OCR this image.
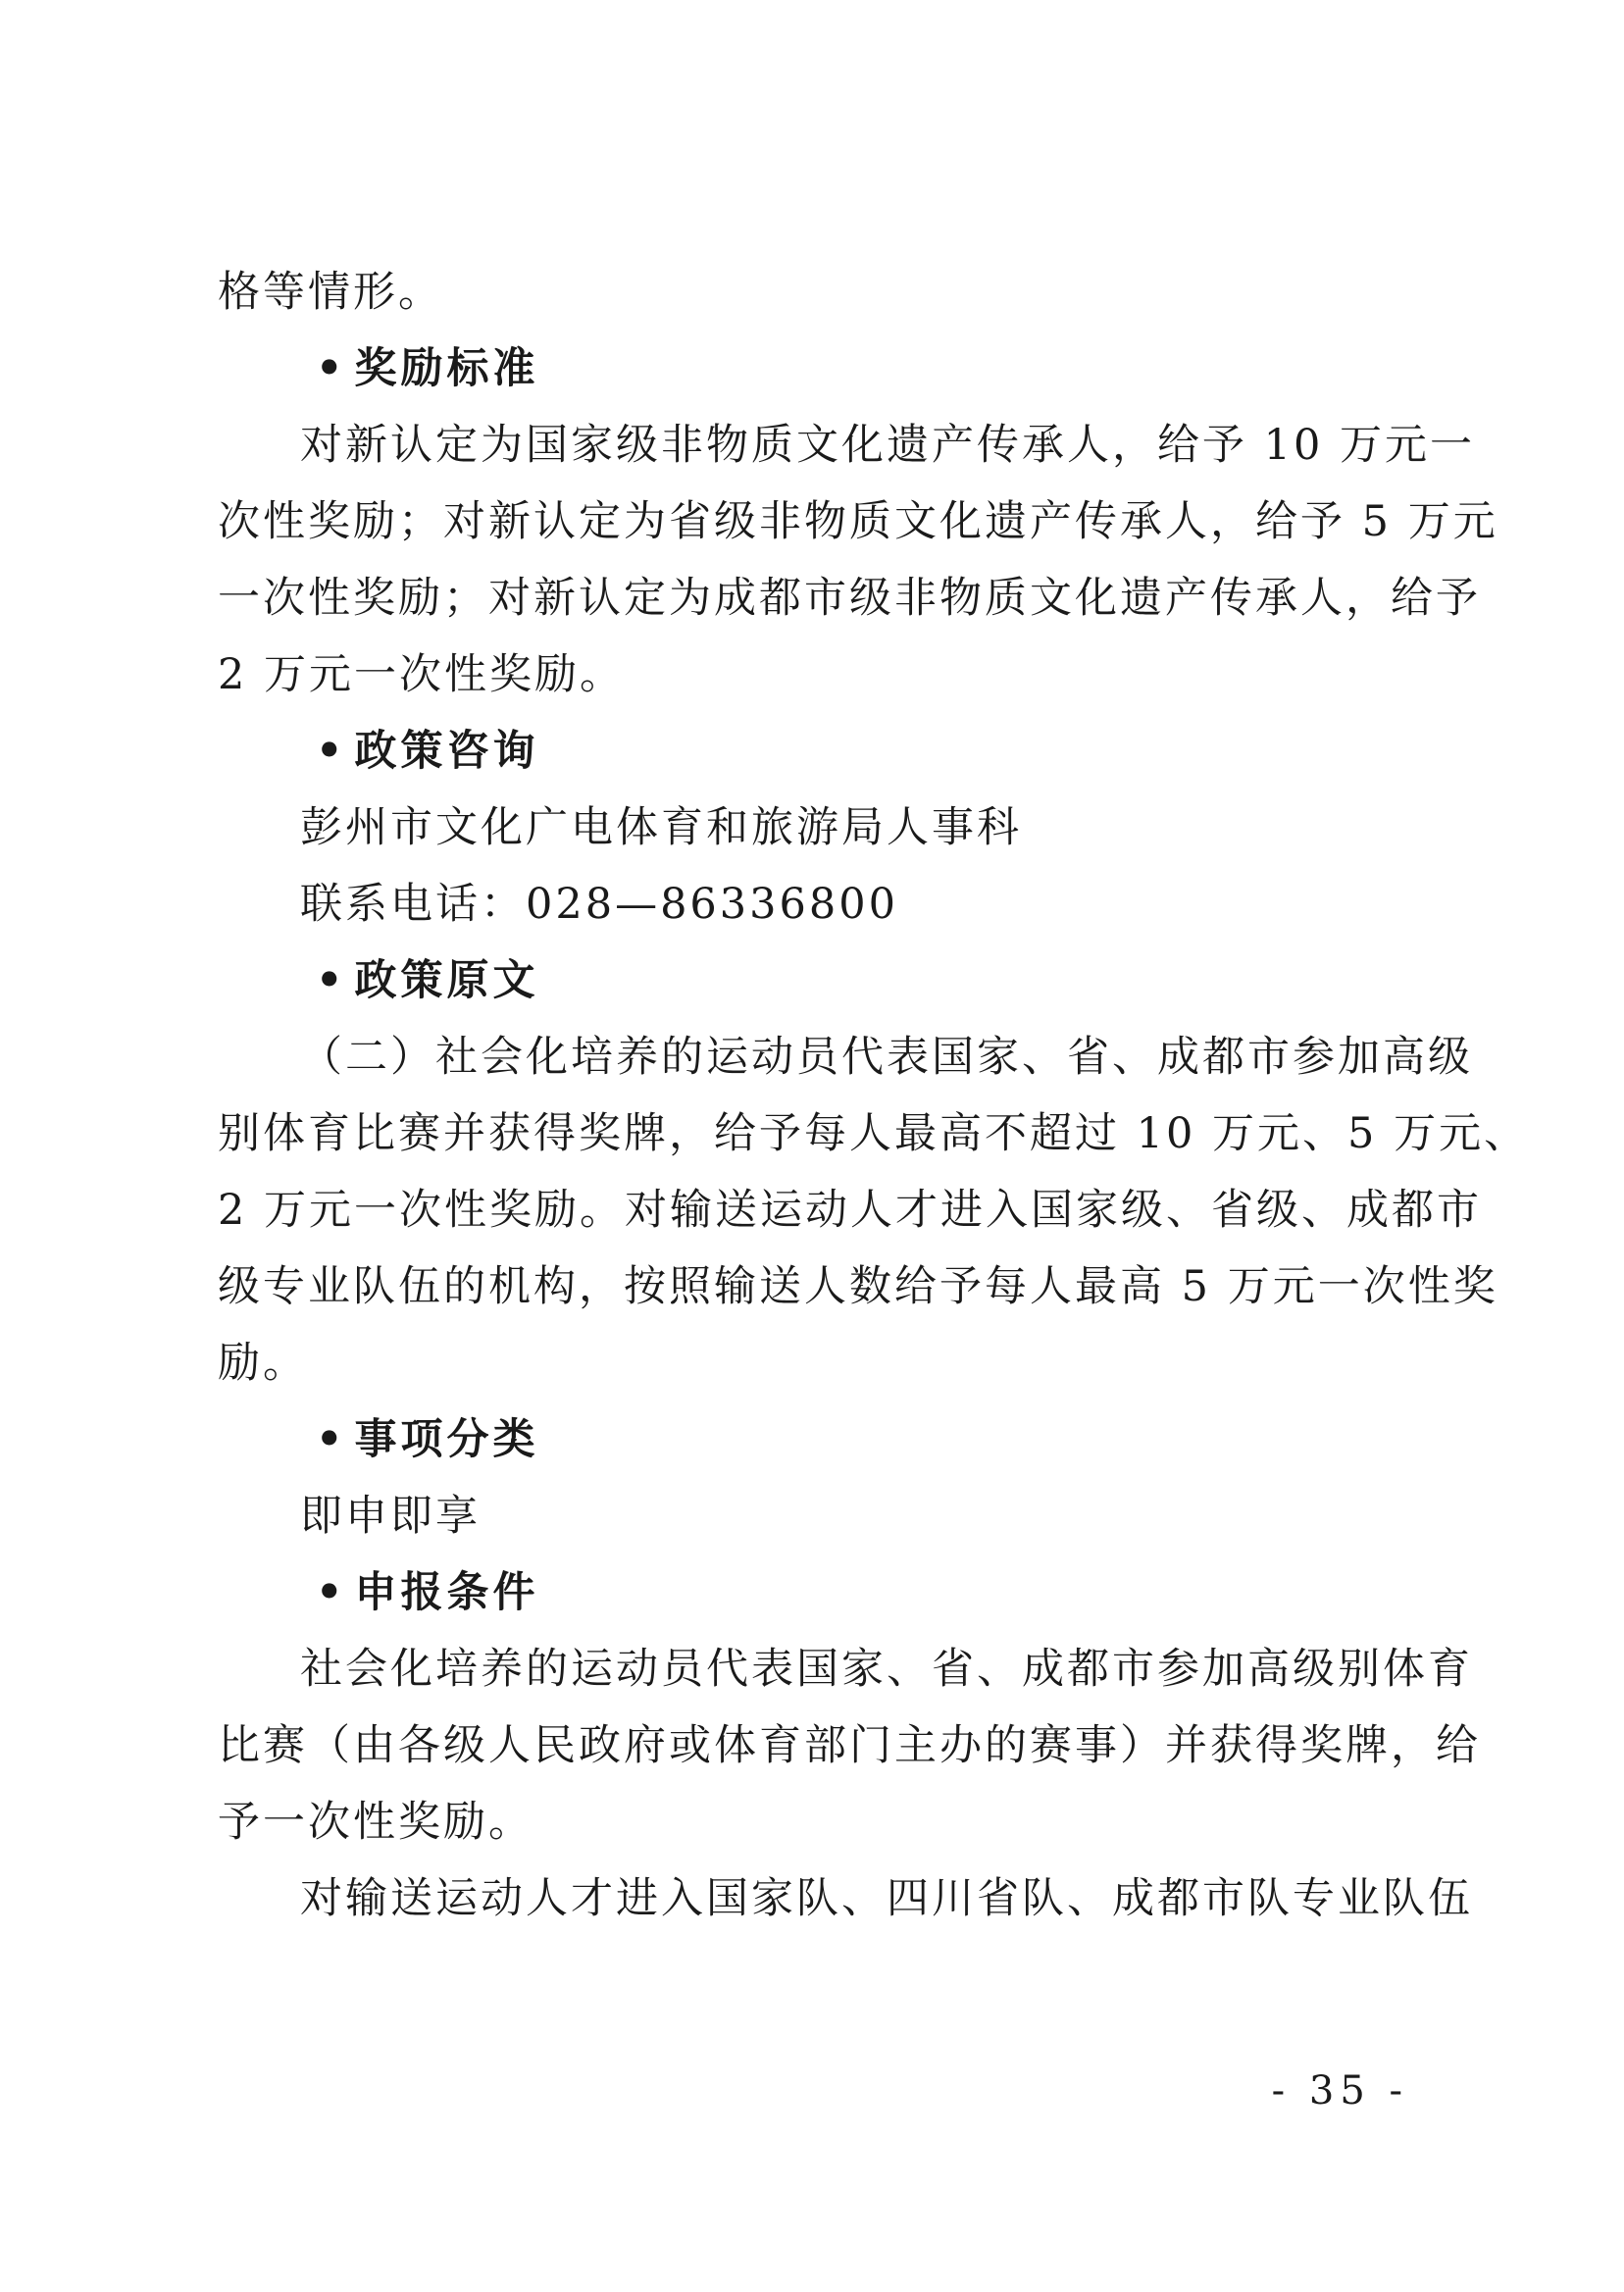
格等情形。
• 奖励标准
对新认定为国家级非物质文化遗产传承人，给予 10 万元一
次性奖励；对新认定为省级非物质文化遗产传承人，给予 5 万元
一次性奖励；对新认定为成都市级非物质文化遗产传承人，给予
2 万元一次性奖励。
• 政策咨询
彭州市文化广电体育和旅游局人事科
联系电话：028—86336800
• 政策原文
（二）社会化培养的运动员代表国家、省、成都市参加高级
别体育比赛并获得奖牌，给予每人最高不超过 10 万元、5 万元、
2 万元一次性奖励。对输送运动人才进入国家级、省级、成都市
级专业队伍的机构，按照输送人数给予每人最高 5 万元一次性奖
励。
• 事项分类
即申即享
• 申报条件
社会化培养的运动员代表国家、省、成都市参加高级别体育
比赛（由各级人民政府或体育部门主办的赛事）并获得奖牌，给
予一次性奖励。
对输送运动人才进入国家队、四川省队、成都市队专业队伍
- 35 -
